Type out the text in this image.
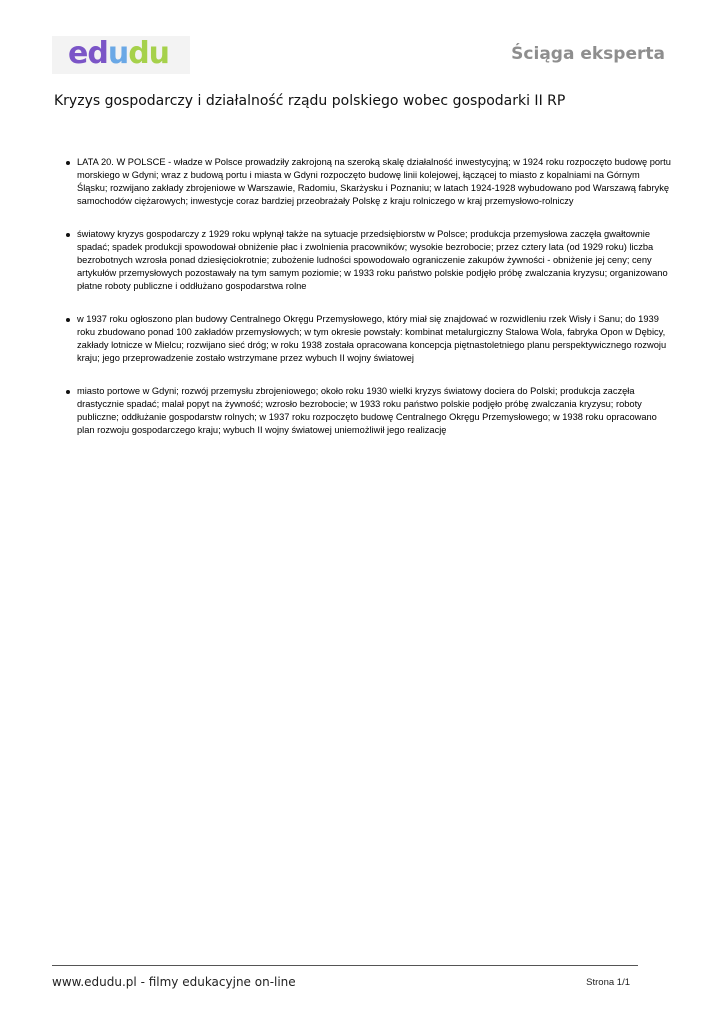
edudu	Ściąga eksperta
Kryzys gospodarczy i działalność rządu polskiego wobec gospodarki II RP
LATA 20. W POLSCE - władze w Polsce prowadziły zakrojoną na szeroką skalę działalność inwestycyjną; w 1924 roku rozpoczęto budowę portu morskiego w Gdyni; wraz z budową portu i miasta w Gdyni rozpoczęto budowę linii kolejowej, łączącej to miasto z kopalniami na Górnym Śląsku; rozwijano zakłady zbrojeniowe w Warszawie, Radomiu, Skarżysku i Poznaniu; w latach 1924-1928 wybudowano pod Warszawą fabrykę samochodów ciężarowych; inwestycje coraz bardziej przeobrażały Polskę z kraju rolniczego w kraj przemysłowo-rolniczy
światowy kryzys gospodarczy z 1929 roku wpłynął także na sytuacje przedsiębiorstw w Polsce; produkcja przemysłowa zaczęła gwałtownie spadać; spadek produkcji spowodował obniżenie płac i zwolnienia pracowników; wysokie bezrobocie; przez cztery lata (od 1929 roku) liczba bezrobotnych wzrosła ponad dziesięciokrotnie; zubożenie ludności spowodowało ograniczenie zakupów żywności - obniżenie jej ceny; ceny artykułów przemysłowych pozostawały na tym samym poziomie; w 1933 roku państwo polskie podjęło próbę zwalczania kryzysu; organizowano płatne roboty publiczne i oddłużano gospodarstwa rolne
w 1937 roku ogłoszono plan budowy Centralnego Okręgu Przemysłowego, który miał się znajdować w rozwidleniu rzek Wisły i Sanu; do 1939 roku zbudowano ponad 100 zakładów przemysłowych; w tym okresie powstały: kombinat metalurgiczny Stalowa Wola, fabryka Opon w Dębicy, zakłady lotnicze w Mielcu; rozwijano sieć dróg; w roku 1938 została opracowana koncepcja piętnastoletniego planu perspektywicznego rozwoju kraju; jego przeprowadzenie zostało wstrzymane przez wybuch II wojny światowej
miasto portowe w Gdyni; rozwój przemysłu zbrojeniowego; około roku 1930 wielki kryzys światowy dociera do Polski; produkcja zaczęła drastycznie spadać; malał popyt na żywność; wzrosło bezrobocie; w 1933 roku państwo polskie podjęło próbę zwalczania kryzysu; roboty publiczne; oddłużanie gospodarstw rolnych; w 1937 roku rozpoczęto budowę Centralnego Okręgu Przemysłowego; w 1938 roku opracowano plan rozwoju gospodarczego kraju; wybuch II wojny światowej uniemożliwił jego realizację
www.edudu.pl - filmy edukacyjne on-line	Strona 1/1
